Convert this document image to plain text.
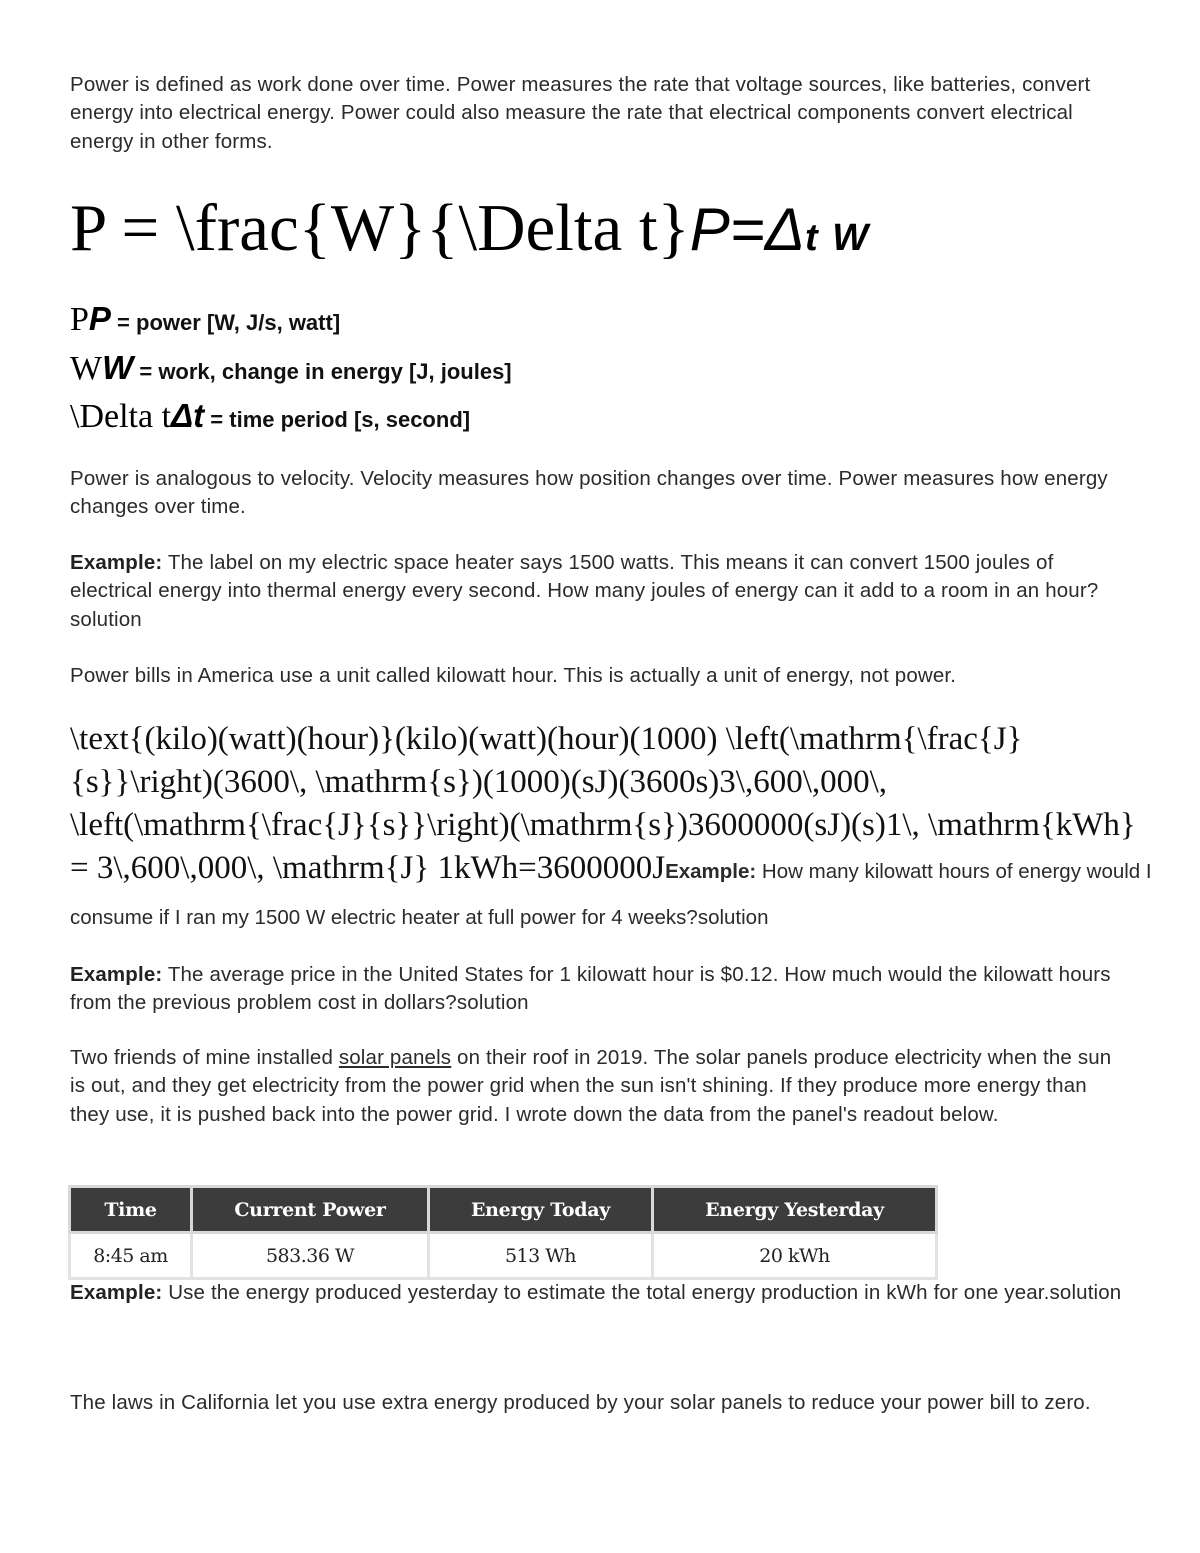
Power is defined as work done over time. Power measures the rate that voltage sources, like batteries, convert energy into electrical energy. Power could also measure the rate that electrical components convert electrical energy in other forms.

P = \frac{W}{\Delta t}P=Δt W
PP = power [W, J/s, watt]
WW = work, change in energy [J, joules]
\Delta tΔt = time period [s, second]

Power is analogous to velocity. Velocity measures how position changes over time. Power measures how energy changes over time.

Example: The label on my electric space heater says 1500 watts. This means it can convert 1500 joules of electrical energy into thermal energy every second. How many joules of energy can it add to a room in an hour?solution

Power bills in America use a unit called kilowatt hour. This is actually a unit of energy, not power.

\text{(kilo)(watt)(hour)}(kilo)(watt)(hour)(1000) \left(\mathrm{\frac{J}{s}}\right)(3600\, \mathrm{s})(1000)(sJ)(3600s)3\,600\,000\, \left(\mathrm{\frac{J}{s}}\right)(\mathrm{s})3600000(sJ)(s)1\, \mathrm{kWh} = 3\,600\,000\, \mathrm{J} 1kWh=3600000JExample: How many kilowatt hours of energy would I consume if I ran my 1500 W electric heater at full power for 4 weeks?solution

Example: The average price in the United States for 1 kilowatt hour is $0.12. How much would the kilowatt hours from the previous problem cost in dollars?solution

Two friends of mine installed solar panels on their roof in 2019. The solar panels produce electricity when the sun is out, and they get electricity from the power grid when the sun isn't shining. If they produce more energy than they use, it is pushed back into the power grid. I wrote down the data from the panel's readout below.

Time	Current Power	Energy Today	Energy Yesterday
8:45 am	583.36 W	513 Wh	20 kWh

Example: Use the energy produced yesterday to estimate the total energy production in kWh for one year.solution

The laws in California let you use extra energy produced by your solar panels to reduce your power bill to zero.
